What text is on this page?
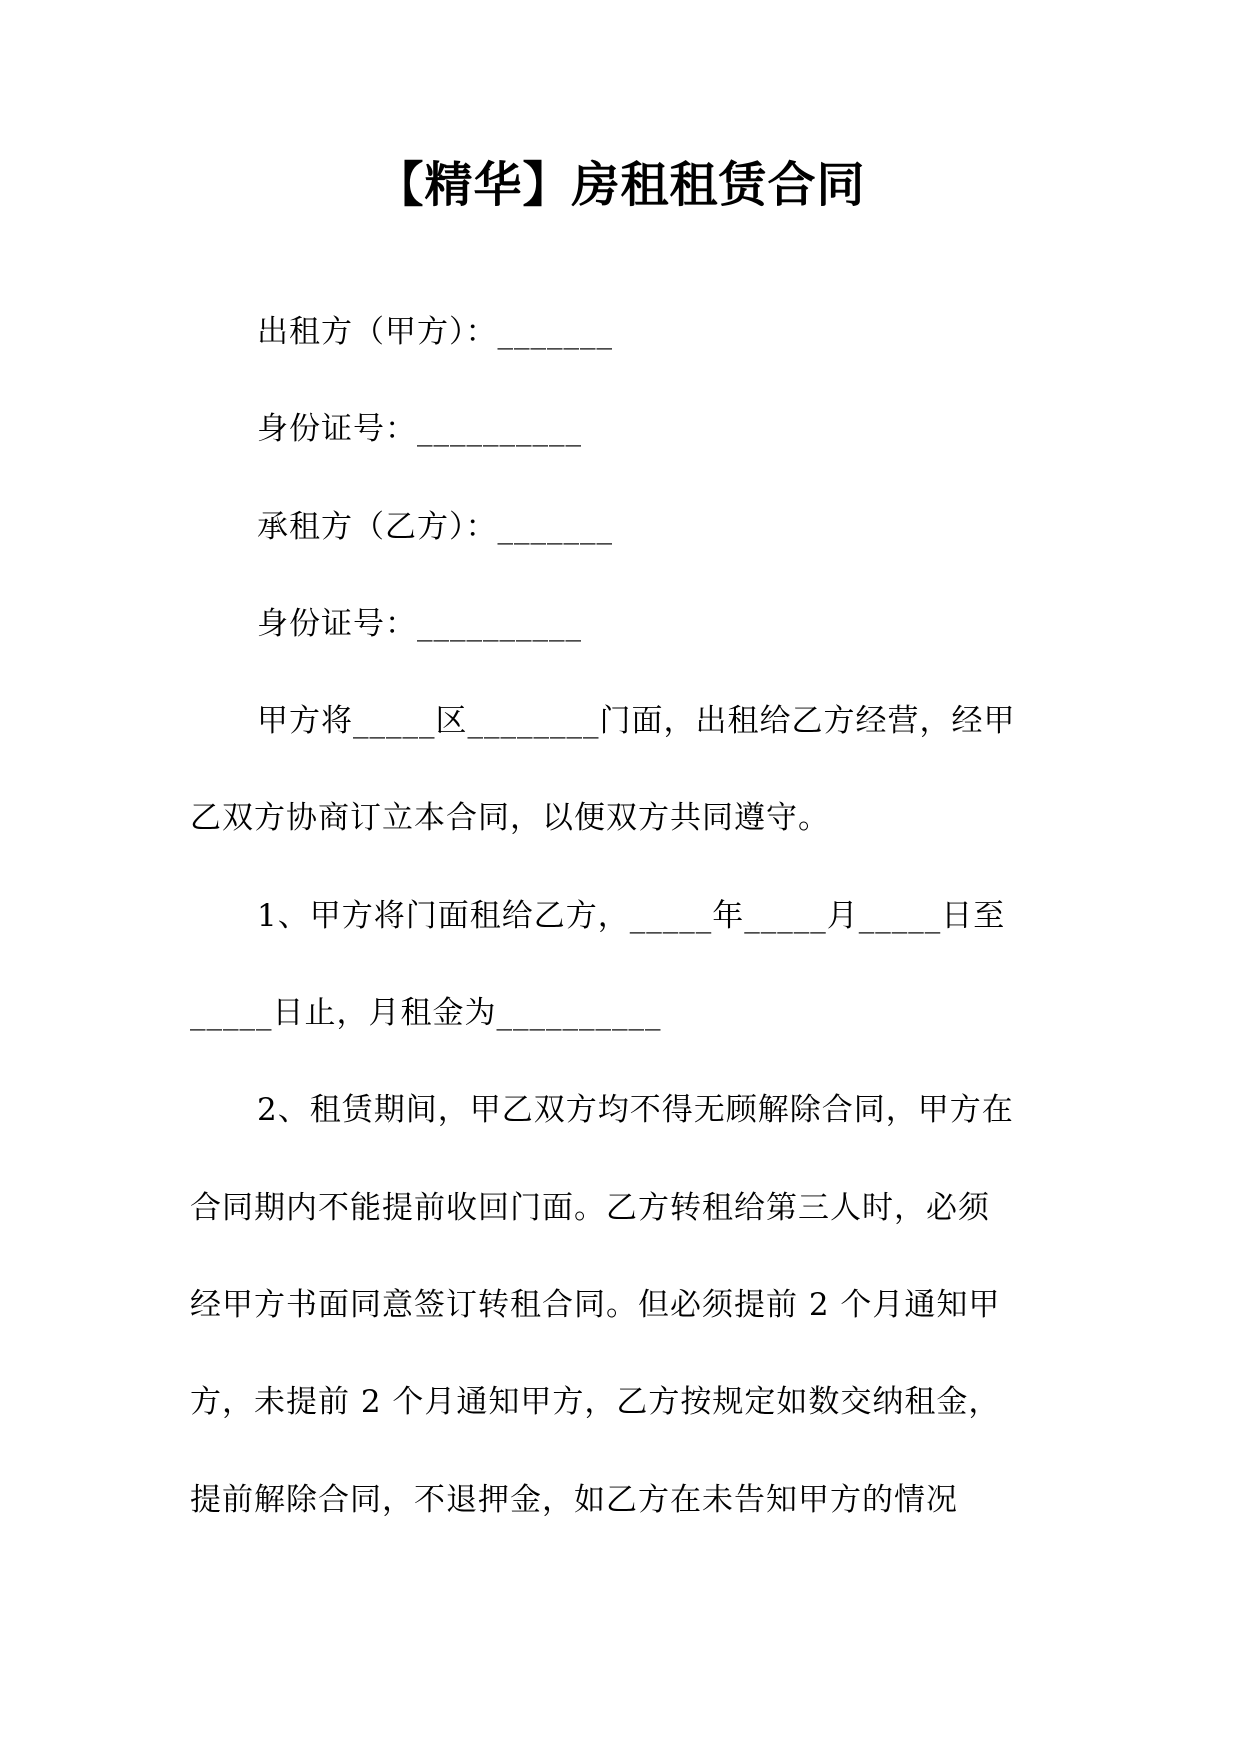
【精华】房租租赁合同
出租方（甲方）：_______
身份证号：__________
承租方（乙方）：_______
身份证号：__________
甲方将_____区________门面，出租给乙方经营，经甲
乙双方协商订立本合同，以便双方共同遵守。
1、甲方将门面租给乙方，_____年_____月_____日至
_____日止，月租金为__________
2、租赁期间，甲乙双方均不得无顾解除合同，甲方在
合同期内不能提前收回门面。乙方转租给第三人时，必须
经甲方书面同意签订转租合同。但必须提前 2 个月通知甲
方，未提前 2 个月通知甲方，乙方按规定如数交纳租金，
提前解除合同，不退押金，如乙方在未告知甲方的情况
